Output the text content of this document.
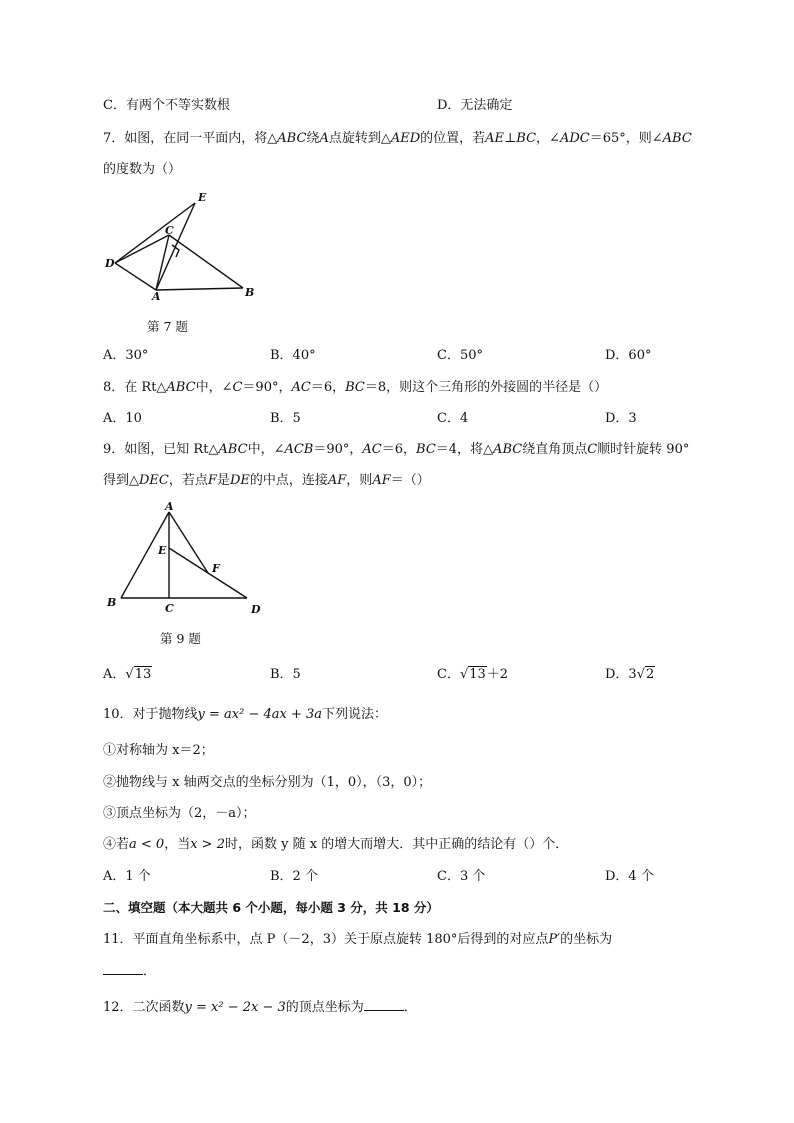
C．有两个不等实数根	D．无法确定
7．如图，在同一平面内，将△ABC绕A点旋转到△AED的位置，若AE⊥BC，∠ADC＝65°，则∠ABC
的度数为（）
E
C
D
A	B
第 7 题
A．30°	B．40°	C．50°	D．60°
8．在 Rt△ABC中，∠C＝90°，AC＝6，BC＝8，则这个三角形的外接圆的半径是（）
A．10	B．5	C．4	D．3
9．如图，已知 Rt△ABC中，∠ACB＝90°，AC＝6，BC＝4，将△ABC绕直角顶点C顺时针旋转 90°
得到△DEC，若点F是DE的中点，连接AF，则AF＝（）
A
E
F
B	C	D
第 9 题
A．√13	B．5	C．√13＋2	D．3√2
10．对于抛物线y = ax² − 4ax + 3a下列说法：
①对称轴为 x＝2；
②抛物线与 x 轴两交点的坐标分别为（1，0），（3，0）；
③顶点坐标为（2，－a）；
④若a < 0，当x > 2时，函数 y 随 x 的增大而增大．其中正确的结论有（）个．
A．1 个	B．2 个	C．3 个	D．4 个
二、填空题（本大题共 6 个小题，每小题 3 分，共 18 分）
11．平面直角坐标系中，点 P（－2，3）关于原点旋转 180°后得到的对应点P′的坐标为
．
12．二次函数y = x² − 2x − 3的顶点坐标为	．
